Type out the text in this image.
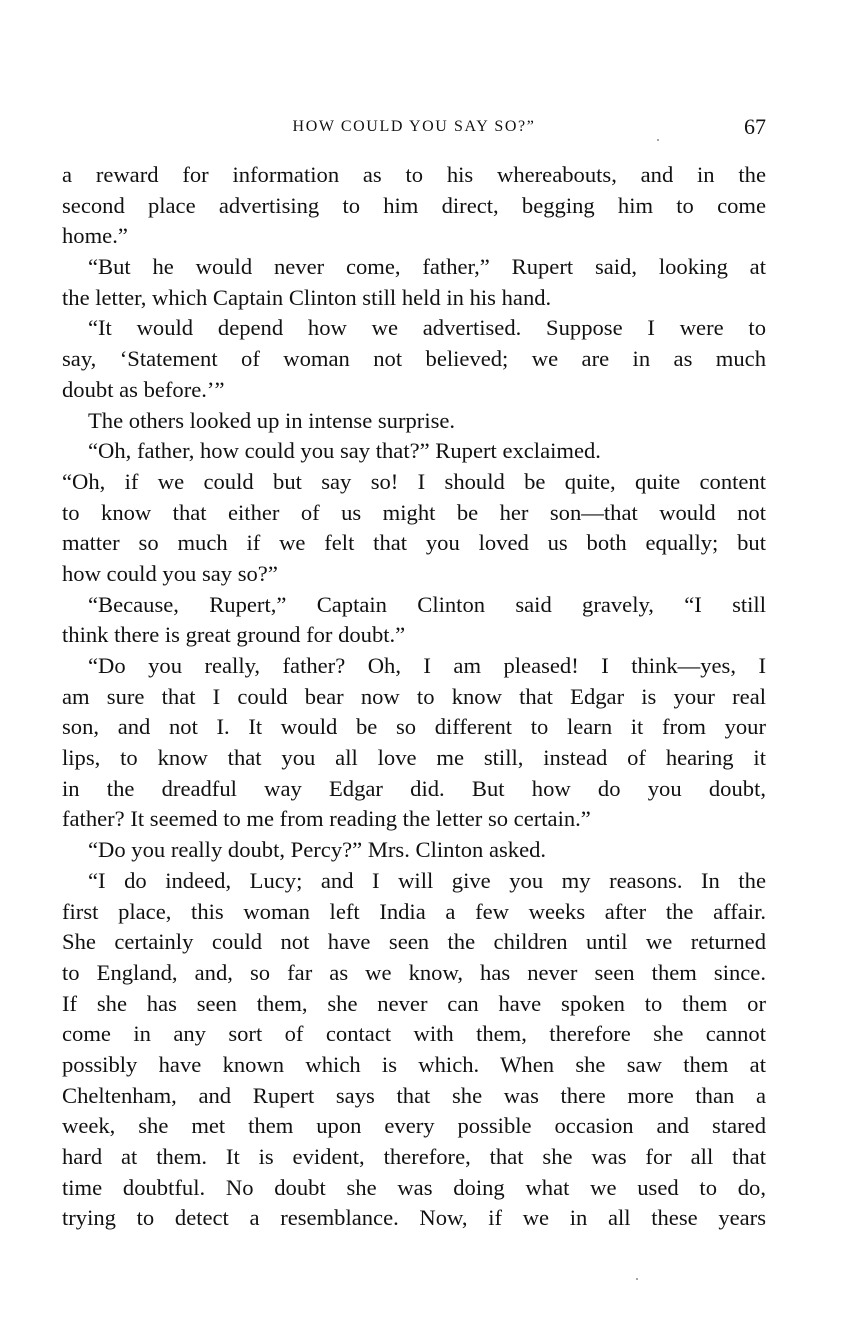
HOW COULD YOU SAY SO?”	67
a reward for information as to his whereabouts, and in the
second place advertising to him direct, begging him to come
home.”
“But he would never come, father,” Rupert said, looking at
the letter, which Captain Clinton still held in his hand.
“It would depend how we advertised. Suppose I were to
say, ‘Statement of woman not believed; we are in as much
doubt as before.’”
The others looked up in intense surprise.
“Oh, father, how could you say that?” Rupert exclaimed.
“Oh, if we could but say so! I should be quite, quite content
to know that either of us might be her son—that would not
matter so much if we felt that you loved us both equally; but
how could you say so?”
“Because, Rupert,” Captain Clinton said gravely, “I still
think there is great ground for doubt.”
“Do you really, father? Oh, I am pleased! I think—yes, I
am sure that I could bear now to know that Edgar is your real
son, and not I. It would be so different to learn it from your
lips, to know that you all love me still, instead of hearing it
in the dreadful way Edgar did. But how do you doubt,
father? It seemed to me from reading the letter so certain.”
“Do you really doubt, Percy?” Mrs. Clinton asked.
“I do indeed, Lucy; and I will give you my reasons. In the
first place, this woman left India a few weeks after the affair.
She certainly could not have seen the children until we returned
to England, and, so far as we know, has never seen them since.
If she has seen them, she never can have spoken to them or
come in any sort of contact with them, therefore she cannot
possibly have known which is which. When she saw them at
Cheltenham, and Rupert says that she was there more than a
week, she met them upon every possible occasion and stared
hard at them. It is evident, therefore, that she was for all that
time doubtful. No doubt she was doing what we used to do,
trying to detect a resemblance. Now, if we in all these years
